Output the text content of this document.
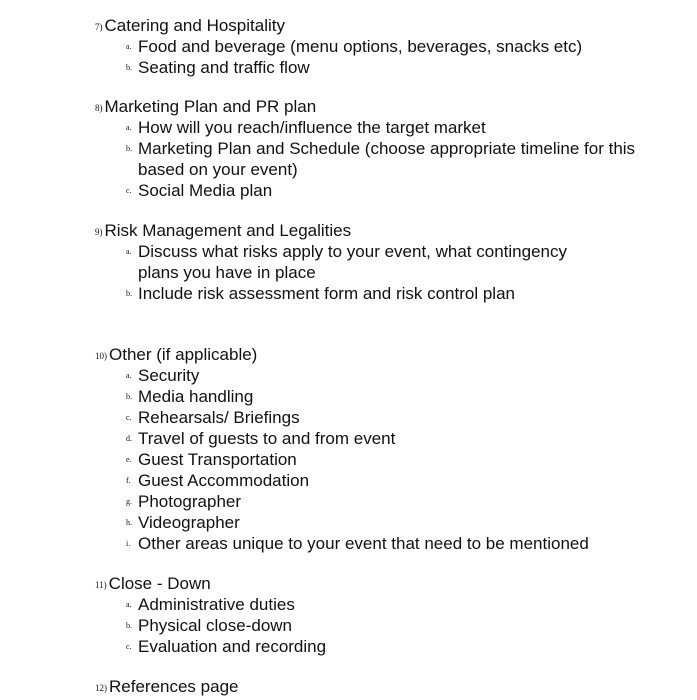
7) Catering and Hospitality
a. Food and beverage (menu options, beverages, snacks etc)
b. Seating and traffic flow
8) Marketing Plan and PR plan
a. How will you reach/influence the target market
b. Marketing Plan and Schedule (choose appropriate timeline for this based on your event)
c. Social Media plan
9) Risk Management and Legalities
a. Discuss what risks apply to your event, what contingency plans you have in place
b. Include risk assessment form and risk control plan
10) Other (if applicable)
a. Security
b. Media handling
c. Rehearsals/ Briefings
d. Travel of guests to and from event
e. Guest Transportation
f. Guest Accommodation
g. Photographer
h. Videographer
i. Other areas unique to your event that need to be mentioned
11) Close - Down
a. Administrative duties
b. Physical close-down
c. Evaluation and recording
12) References page
